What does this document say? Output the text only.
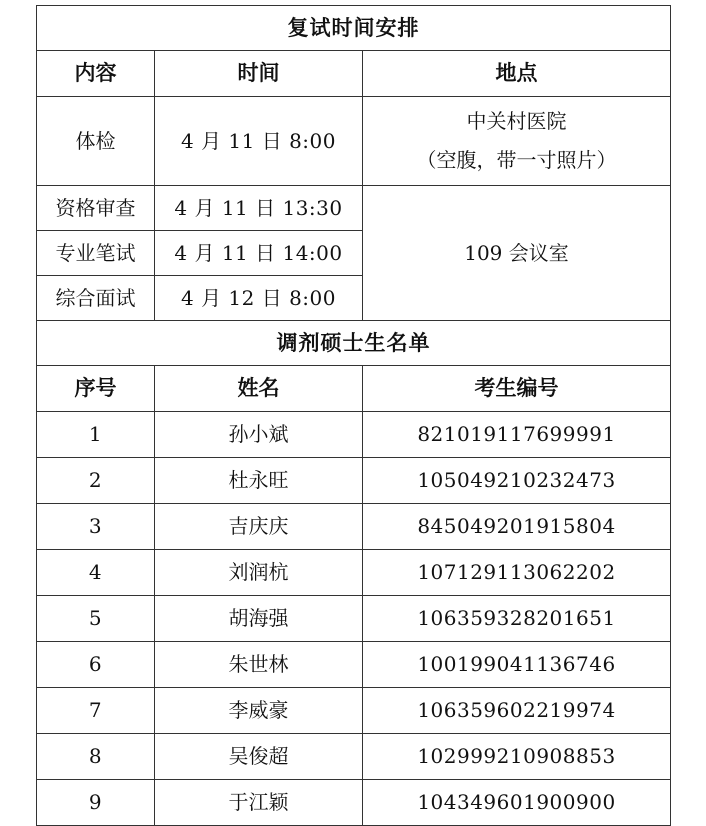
复试时间安排		
内容	时间	地点
体检	4 月 11 日 8:00	中关村医院
（空腹，带一寸照片）

资格审查	4 月 11 日 13:30	109 会议室
专业笔试	4 月 11 日 14:00	
综合面试	4 月 12 日 8:00	
调剂硕士生名单		
序号	姓名	考生编号
1	孙小斌	821019117699991
2	杜永旺	105049210232473
3	吉庆庆	845049201915804
4	刘润杭	107129113062202
5	胡海强	106359328201651
6	朱世林	100199041136746
7	李威豪	106359602219974
8	吴俊超	102999210908853
9	于江颖	104349601900900
